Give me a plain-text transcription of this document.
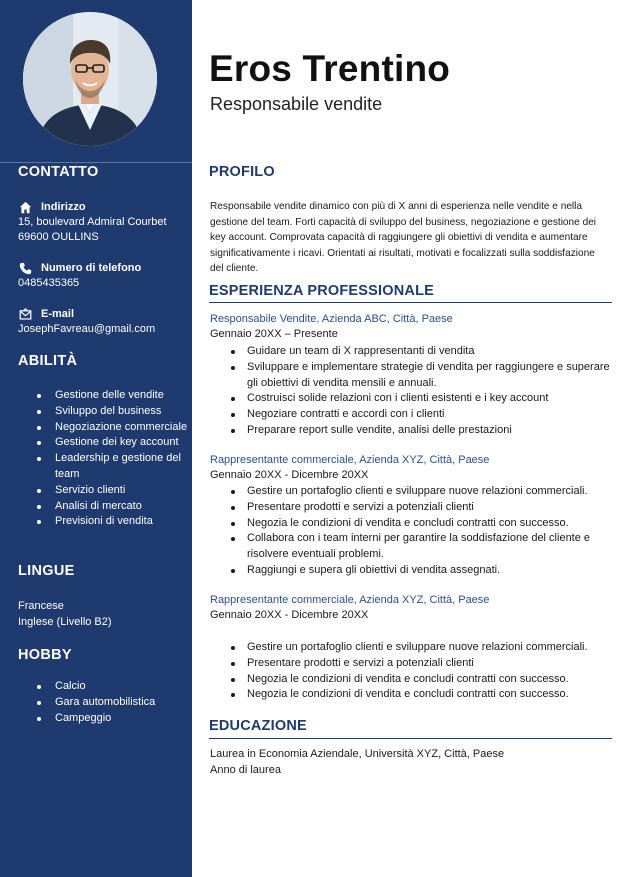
CONTATTO
Indirizzo
15, boulevard Admiral Courbet
69600 OULLINS
Numero di telefono
0485435365
E-mail
JosephFavreau@gmail.com
ABILITÀ
Gestione delle vendite
Sviluppo del business
Negoziazione commerciale
Gestione dei key account
Leadership e gestione del team
Servizio clienti
Analisi di mercato
Previsioni di vendita
LINGUE
Francese
Inglese (Livello B2)
HOBBY
Calcio
Gara automobilistica
Campeggio
Eros Trentino
Responsabile vendite
PROFILO

Responsabile vendite dinamico con più di X anni di esperienza nelle vendite e nella gestione del team. Forti capacità di sviluppo del business, negoziazione e gestione dei key account. Comprovata capacità di raggiungere gli obiettivi di vendita e aumentare significativamente i ricavi. Orientati ai risultati, motivati e focalizzati sulla soddisfazione del cliente.

ESPERIENZA PROFESSIONALE
Responsabile Vendite, Azienda ABC, Città, Paese
Gennaio 20XX – Presente
Guidare un team di X rappresentanti di vendita
Sviluppare e implementare strategie di vendita per raggiungere e superare gli obiettivi di vendita mensili e annuali.
Costruisci solide relazioni con i clienti esistenti e i key account
Negoziare contratti e accordi con i clienti
Preparare report sulle vendite, analisi delle prestazioni
Rappresentante commerciale, Azienda XYZ, Città, Paese
Gennaio 20XX - Dicembre 20XX
Gestire un portafoglio clienti e sviluppare nuove relazioni commerciali.
Presentare prodotti e servizi a potenziali clienti
Negozia le condizioni di vendita e concludi contratti con successo.
Collabora con i team interni per garantire la soddisfazione del cliente e risolvere eventuali problemi.
Raggiungi e supera gli obiettivi di vendita assegnati.
Rappresentante commerciale, Azienda XYZ, Città, Paese
Gennaio 20XX - Dicembre 20XX
Gestire un portafoglio clienti e sviluppare nuove relazioni commerciali.
Presentare prodotti e servizi a potenziali clienti
Negozia le condizioni di vendita e concludi contratti con successo.
Negozia le condizioni di vendita e concludi contratti con successo.
EDUCAZIONE
Laurea in Economia Aziendale, Università XYZ, Città, Paese
Anno di laurea
